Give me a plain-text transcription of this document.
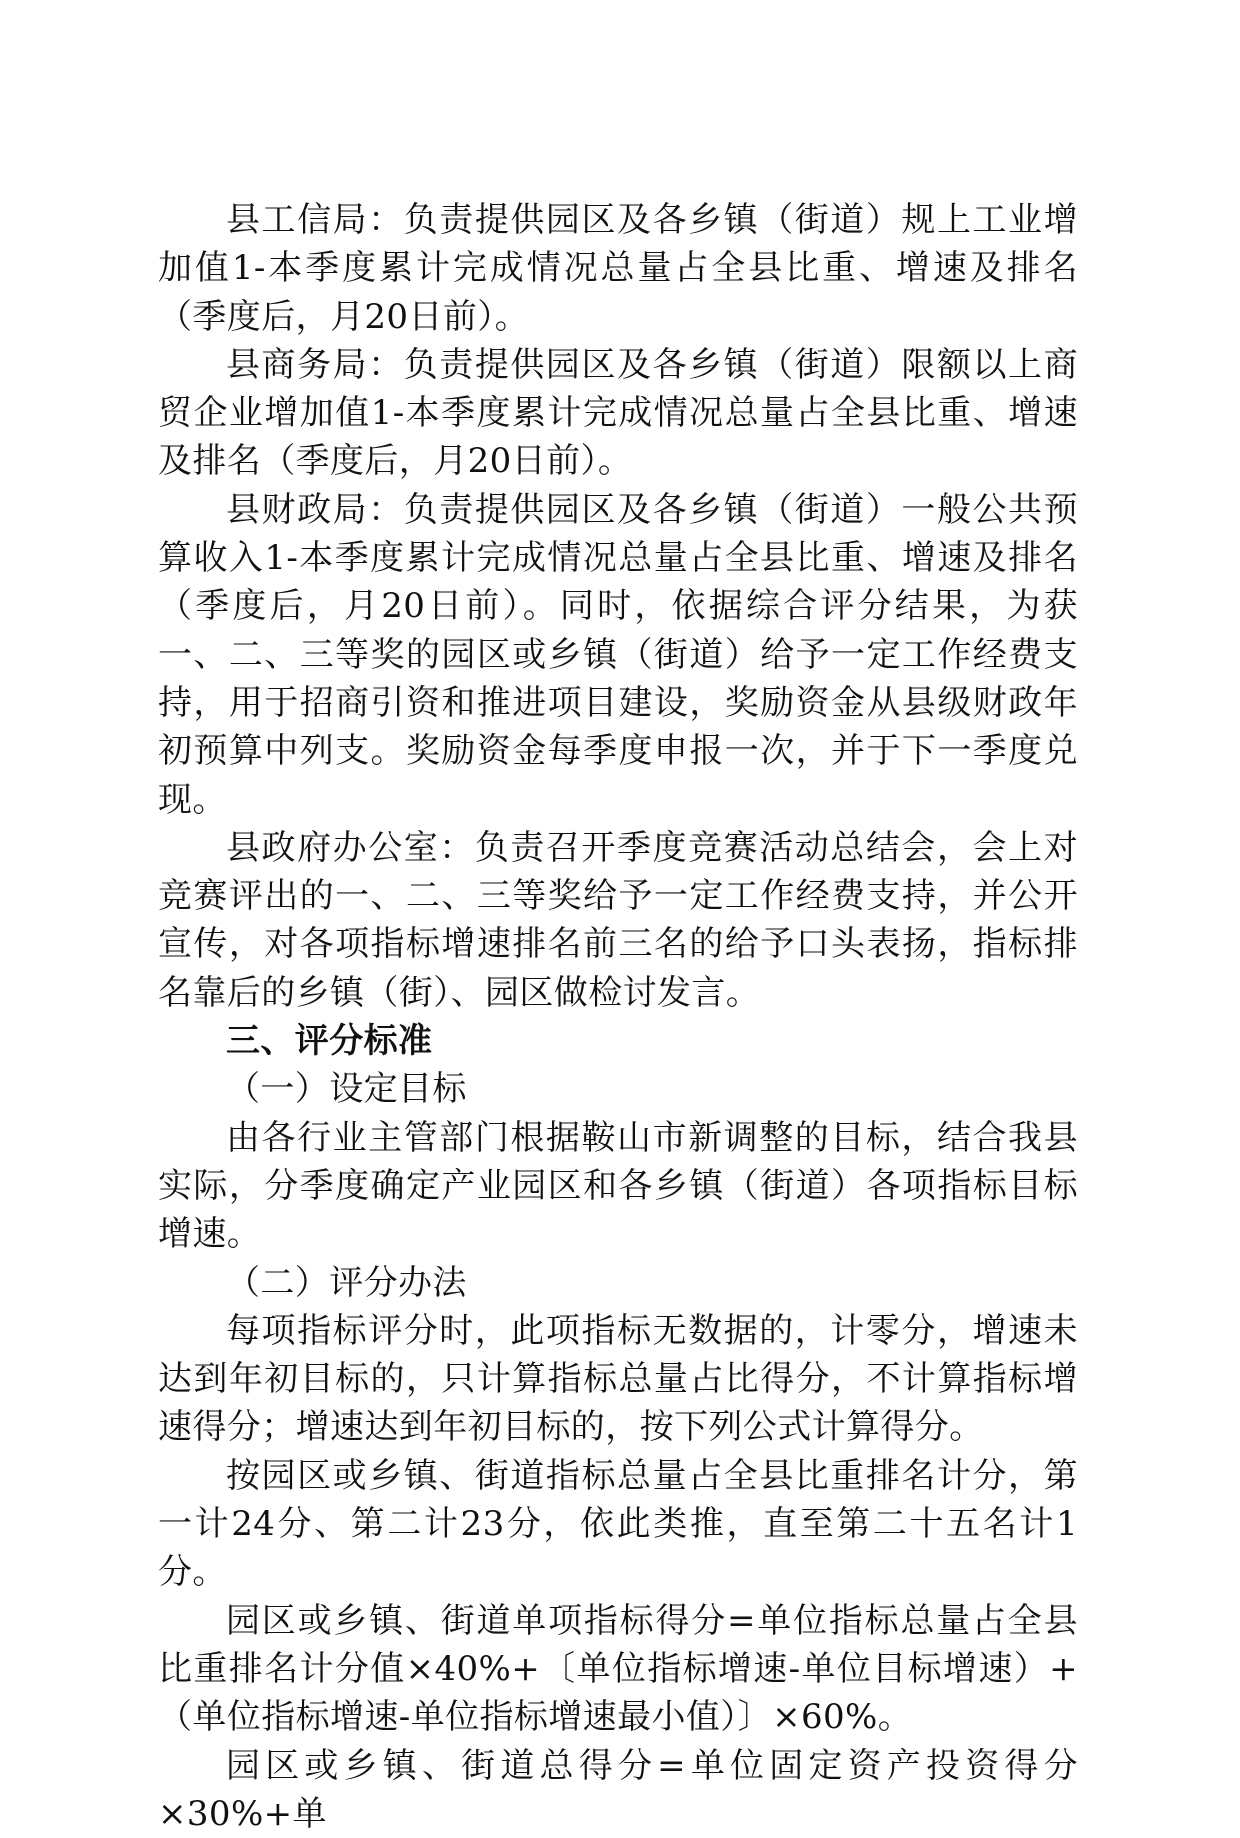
县工信局：负责提供园区及各乡镇（街道）规上工业增加值1-本季度累计完成情况总量占全县比重、增速及排名（季度后，月20日前）。

县商务局：负责提供园区及各乡镇（街道）限额以上商贸企业增加值1-本季度累计完成情况总量占全县比重、增速及排名（季度后，月20日前）。

县财政局：负责提供园区及各乡镇（街道）一般公共预算收入1-本季度累计完成情况总量占全县比重、增速及排名（季度后，月20日前）。同时，依据综合评分结果，为获一、二、三等奖的园区或乡镇（街道）给予一定工作经费支持，用于招商引资和推进项目建设，奖励资金从县级财政年初预算中列支。奖励资金每季度申报一次，并于下一季度兑现。

县政府办公室：负责召开季度竞赛活动总结会，会上对竞赛评出的一、二、三等奖给予一定工作经费支持，并公开宣传，对各项指标增速排名前三名的给予口头表扬，指标排名靠后的乡镇（街）、园区做检讨发言。

三、评分标准

（一）设定目标

由各行业主管部门根据鞍山市新调整的目标，结合我县实际，分季度确定产业园区和各乡镇（街道）各项指标目标增速。

（二）评分办法

每项指标评分时，此项指标无数据的，计零分，增速未达到年初目标的，只计算指标总量占比得分，不计算指标增速得分；增速达到年初目标的，按下列公式计算得分。

按园区或乡镇、街道指标总量占全县比重排名计分，第一计24分、第二计23分，依此类推，直至第二十五名计1分。

园区或乡镇、街道单项指标得分=单位指标总量占全县比重排名计分值×40%+〔单位指标增速-单位目标增速）+（单位指标增速-单位指标增速最小值）〕×60%。

园区或乡镇、街道总得分=单位固定资产投资得分×30%+单
